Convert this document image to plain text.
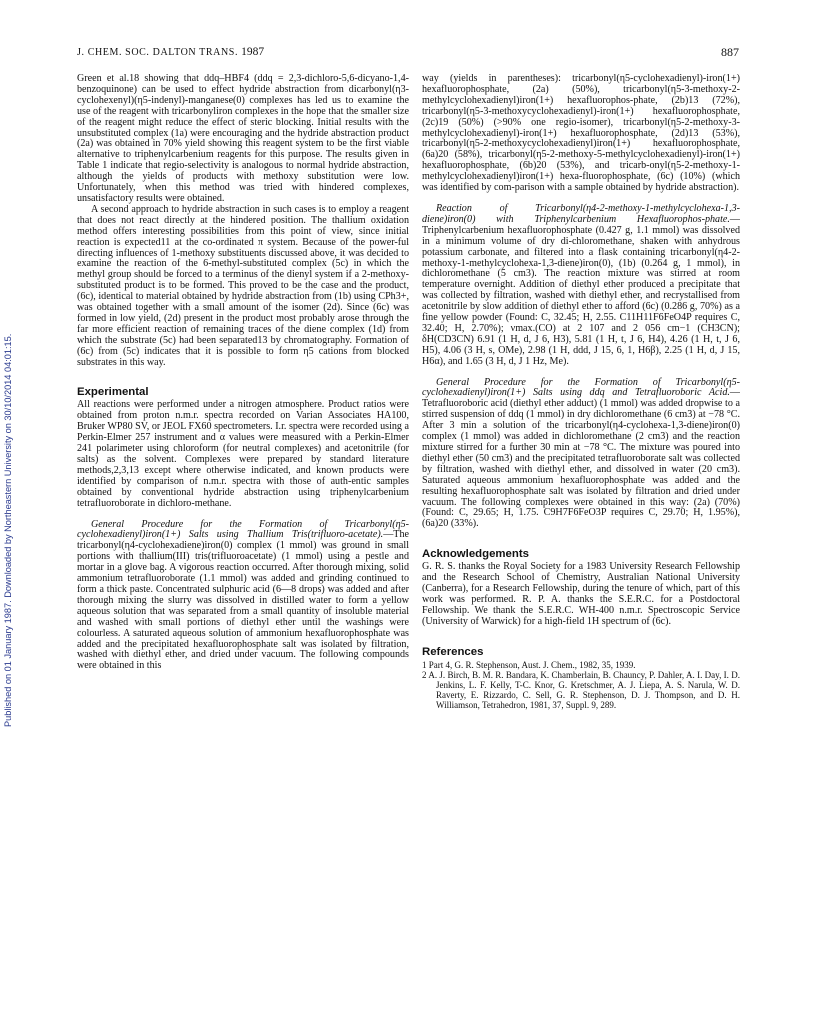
Published on 01 January 1987. Downloaded by Northeastern University on 30/10/2014 04:01:15.
J. CHEM. SOC. DALTON TRANS. 1987	887

Green et al.18 showing that ddq–HBF4 (ddq = 2,3-dichloro-5,6-dicyano-1,4-benzoquinone) can be used to effect hydride abstraction from dicarbonyl(η3-cyclohexenyl)(η5-indenyl)-manganese(0) complexes has led us to examine the use of the reagent with tricarbonyliron complexes in the hope that the smaller size of the reagent might reduce the effect of steric blocking. Initial results with the unsubstituted complex (1a) were encouraging and the hydride abstraction product (2a) was obtained in 70% yield showing this reagent system to be the first viable alternative to triphenylcarbenium reagents for this purpose. The results given in Table 1 indicate that regio-selectivity is analogous to normal hydride abstraction, although the yields of products with methoxy substitution were low. Unfortunately, when this method was tried with hindered complexes, unsatisfactory results were obtained.

A second approach to hydride abstraction in such cases is to employ a reagent that does not react directly at the hindered position. The thallium oxidation method offers interesting possibilities from this point of view, since initial reaction is expected11 at the co-ordinated π system. Because of the power-ful directing influences of 1-methoxy substituents discussed above, it was decided to examine the reaction of the 6-methyl-substituted complex (5c) in which the methyl group should be forced to a terminus of the dienyl system if a 2-methoxy-substituted product is to be formed. This proved to be the case and the product, (6c), identical to material obtained by hydride abstraction from (1b) using CPh3+, was obtained together with a small amount of the isomer (2d). Since (6c) was formed in low yield, (2d) present in the product most probably arose through the far more efficient reaction of remaining traces of the diene complex (1d) from which the substrate (5c) had been separated13 by chromatography. Formation of (6c) from (5c) indicates that it is possible to form η5 cations from blocked substrates in this way.

Experimental

All reactions were performed under a nitrogen atmosphere. Product ratios were obtained from proton n.m.r. spectra recorded on Varian Associates HA100, Bruker WP80 SV, or JEOL FX60 spectrometers. I.r. spectra were recorded using a Perkin-Elmer 257 instrument and α values were measured with a Perkin-Elmer 241 polarimeter using chloroform (for neutral complexes) and acetonitrile (for salts) as the solvent. Complexes were prepared by standard literature methods,2,3,13 except where otherwise indicated, and known products were identified by comparison of n.m.r. spectra with those of auth-entic samples obtained by conventional hydride abstraction using triphenylcarbenium tetrafluoroborate in dichloro-methane.

General Procedure for the Formation of Tricarbonyl(η5-cyclohexadienyl)iron(1+) Salts using Thallium Tris(trifluoro-acetate).—The tricarbonyl(η4-cyclohexadiene)iron(0) complex (1 mmol) was ground in small portions with thallium(III) tris(trifluoroacetate) (1 mmol) using a pestle and mortar in a glove bag. A vigorous reaction occurred. After thorough mixing, solid ammonium tetrafluoroborate (1.1 mmol) was added and grinding continued to form a thick paste. Concentrated sulphuric acid (6—8 drops) was added and after thorough mixing the slurry was dissolved in distilled water to form a yellow aqueous solution that was separated from a small quantity of insoluble material and washed with small portions of diethyl ether until the washings were colourless. A saturated aqueous solution of ammonium hexafluorophosphate was added and the precipitated hexafluorophosphate salt was isolated by filtration, washed with diethyl ether, and dried under vacuum. The following compounds were obtained in this

way (yields in parentheses): tricarbonyl(η5-cyclohexadienyl)-iron(1+) hexafluorophosphate, (2a) (50%), tricarbonyl(η5-3-methoxy-2-methylcyclohexadienyl)iron(1+) hexafluorophos-phate, (2b)13 (72%), tricarbonyl(η5-3-methoxycyclohexadienyl)-iron(1+) hexafluorophosphate, (2c)19 (50%) (>90% one regio-isomer), tricarbonyl(η5-2-methoxy-3-methylcyclohexadienyl)-iron(1+) hexafluorophosphate, (2d)13 (53%), tricarbonyl(η5-2-methoxycyclohexadienyl)iron(1+) hexafluorophosphate, (6a)20 (58%), tricarbonyl(η5-2-methoxy-5-methylcyclohexadienyl)-iron(1+) hexafluorophosphate, (6b)20 (53%), and tricarb-onyl(η5-2-methoxy-1-methylcyclohexadienyl)iron(1+) hexa-fluorophosphate, (6c) (10%) (which was identified by com-parison with a sample obtained by hydride abstraction).

Reaction of Tricarbonyl(η4-2-methoxy-1-methylcyclohexa-1,3-diene)iron(0) with Triphenylcarbenium Hexafluorophos-phate.—Triphenylcarbenium hexafluorophosphate (0.427 g, 1.1 mmol) was dissolved in a minimum volume of dry di-chloromethane, shaken with anhydrous potassium carbonate, and filtered into a flask containing tricarbonyl(η4-2-methoxy-1-methylcyclohexa-1,3-diene)iron(0), (1b) (0.264 g, 1 mmol), in dichloromethane (5 cm3). The reaction mixture was stirred at room temperature overnight. Addition of diethyl ether produced a precipitate that was collected by filtration, washed with diethyl ether, and recrystallised from acetonitrile by slow addition of diethyl ether to afford (6c) (0.286 g, 70%) as a fine yellow powder (Found: C, 32.45; H, 2.55. C11H11F6FeO4P requires C, 32.40; H, 2.70%); νmax.(CO) at 2 107 and 2 056 cm−1 (CH3CN); δH(CD3CN) 6.91 (1 H, d, J 6, H3), 5.81 (1 H, t, J 6, H4), 4.26 (1 H, t, J 6, H5), 4.06 (3 H, s, OMe), 2.98 (1 H, ddd, J 15, 6, 1, H6β), 2.25 (1 H, d, J 15, H6α), and 1.65 (3 H, d, J 1 Hz, Me).

General Procedure for the Formation of Tricarbonyl(η5-cyclohexadienyl)iron(1+) Salts using ddq and Tetrafluoroboric Acid.—Tetrafluoroboric acid (diethyl ether adduct) (1 mmol) was added dropwise to a stirred suspension of ddq (1 mmol) in dry dichloromethane (6 cm3) at −78 °C. After 3 min a solution of the tricarbonyl(η4-cyclohexa-1,3-diene)iron(0) complex (1 mmol) was added in dichloromethane (2 cm3) and the reaction mixture stirred for a further 30 min at −78 °C. The mixture was poured into diethyl ether (50 cm3) and the precipitated tetrafluoroborate salt was collected by filtration, washed with diethyl ether, and dissolved in water (20 cm3). Saturated aqueous ammonium hexafluorophosphate was added and the resulting hexafluorophosphate salt was isolated by filtration and dried under vacuum. The following complexes were obtained in this way: (2a) (70%) (Found: C, 29.65; H, 1.75. C9H7F6FeO3P requires C, 29.70; H, 1.95%), (6a)20 (33%).

Acknowledgements

G. R. S. thanks the Royal Society for a 1983 University Research Fellowship and the Research School of Chemistry, Australian National University (Canberra), for a Research Fellowship, during the tenure of which, part of this work was performed. R. P. A. thanks the S.E.R.C. for a Postdoctoral Fellowship. We thank the S.E.R.C. WH-400 n.m.r. Spectroscopic Service (University of Warwick) for a high-field 1H spectrum of (6c).

References

1 Part 4, G. R. Stephenson, Aust. J. Chem., 1982, 35, 1939.

2 A. J. Birch, B. M. R. Bandara, K. Chamberlain, B. Chauncy, P. Dahler, A. I. Day, I. D. Jenkins, L. F. Kelly, T-C. Knor, G. Kretschmer, A. J. Liepa, A. S. Narula, W. D. Raverty, E. Rizzardo, C. Sell, G. R. Stephenson, D. J. Thompson, and D. H. Williamson, Tetrahedron, 1981, 37, Suppl. 9, 289.
